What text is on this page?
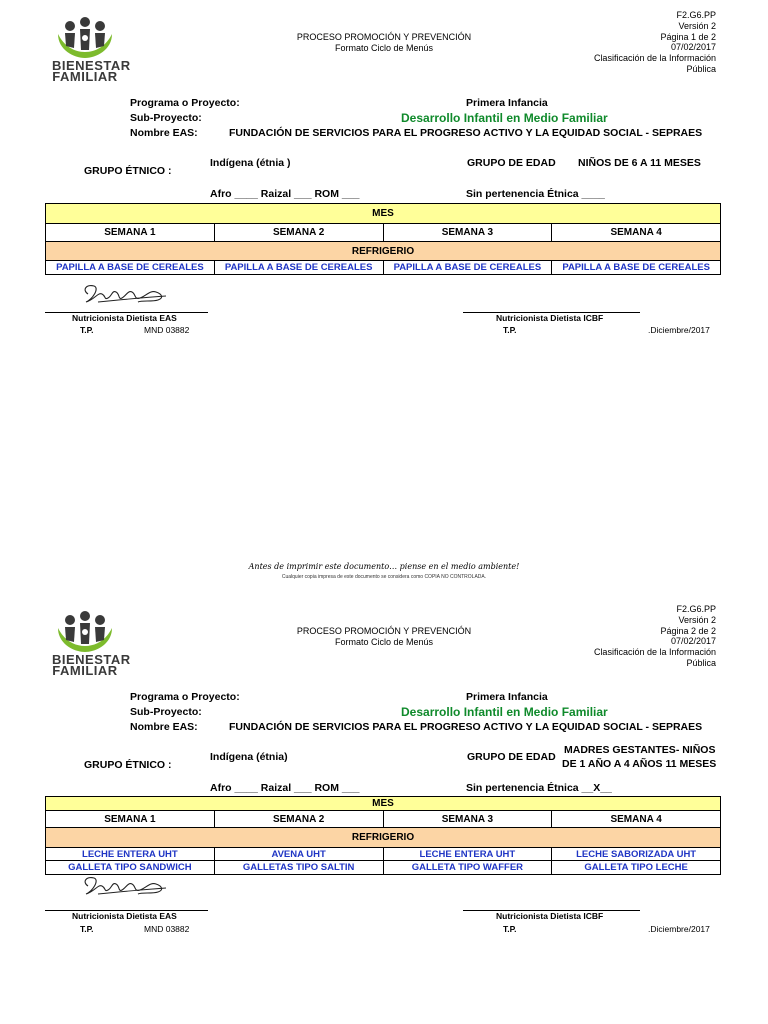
BIENESTAR
FAMILIAR
PROCESO PROMOCIÓN Y PREVENCIÓN
Formato Ciclo de Menús
F2.G6.PP
Versión 2
Página 1 de 2
07/02/2017
Clasificación de la Información
Pública
Programa o Proyecto:	Primera Infancia
Sub-Proyecto:	Desarrollo Infantil en Medio Familiar
Nombre EAS:	FUNDACIÓN DE SERVICIOS PARA EL PROGRESO ACTIVO Y LA EQUIDAD SOCIAL - SEPRAES
GRUPO ÉTNICO :
Indígena (étnia )	GRUPO DE EDAD NIÑOS DE 6 A 11 MESES
Afro ____ Raizal ___ ROM ___	Sin pertenencia Étnica ____
MES
SEMANA 1	SEMANA 2	SEMANA 3	SEMANA 4
REFRIGERIO
PAPILLA A BASE DE CEREALES	PAPILLA A BASE DE CEREALES	PAPILLA A BASE DE CEREALES	PAPILLA A BASE DE CEREALES
Nutricionista Dietista EAS
T.P.	MND 03882
Nutricionista Dietista ICBF
T.P.	.Diciembre/2017
Antes de imprimir este documento… piense en el medio ambiente!
Cualquier copia impresa de este documento se considera como COPIA NO CONTROLADA.
BIENESTAR
FAMILIAR
PROCESO PROMOCIÓN Y PREVENCIÓN
Formato Ciclo de Menús
F2.G6.PP
Versión 2
Página 2 de 2
07/02/2017
Clasificación de la Información
Pública
Programa o Proyecto:	Primera Infancia
Sub-Proyecto:	Desarrollo Infantil en Medio Familiar
Nombre EAS:	FUNDACIÓN DE SERVICIOS PARA EL PROGRESO ACTIVO Y LA EQUIDAD SOCIAL - SEPRAES
GRUPO ÉTNICO :
Indígena (étnia)	GRUPO DE EDAD
MADRES GESTANTES- NIÑOS
DE 1 AÑO A 4 AÑOS 11 MESES
Afro ____ Raizal ___ ROM ___	Sin pertenencia Étnica __X__
MES
SEMANA 1	SEMANA 2	SEMANA 3	SEMANA 4
REFRIGERIO
LECHE ENTERA UHT	AVENA UHT	LECHE ENTERA UHT	LECHE SABORIZADA UHT
GALLETA TIPO SANDWICH	GALLETAS TIPO SALTIN	GALLETA TIPO WAFFER	GALLETA TIPO LECHE
Nutricionista Dietista EAS
T.P.	MND 03882
Nutricionista Dietista ICBF
T.P.	.Diciembre/2017
